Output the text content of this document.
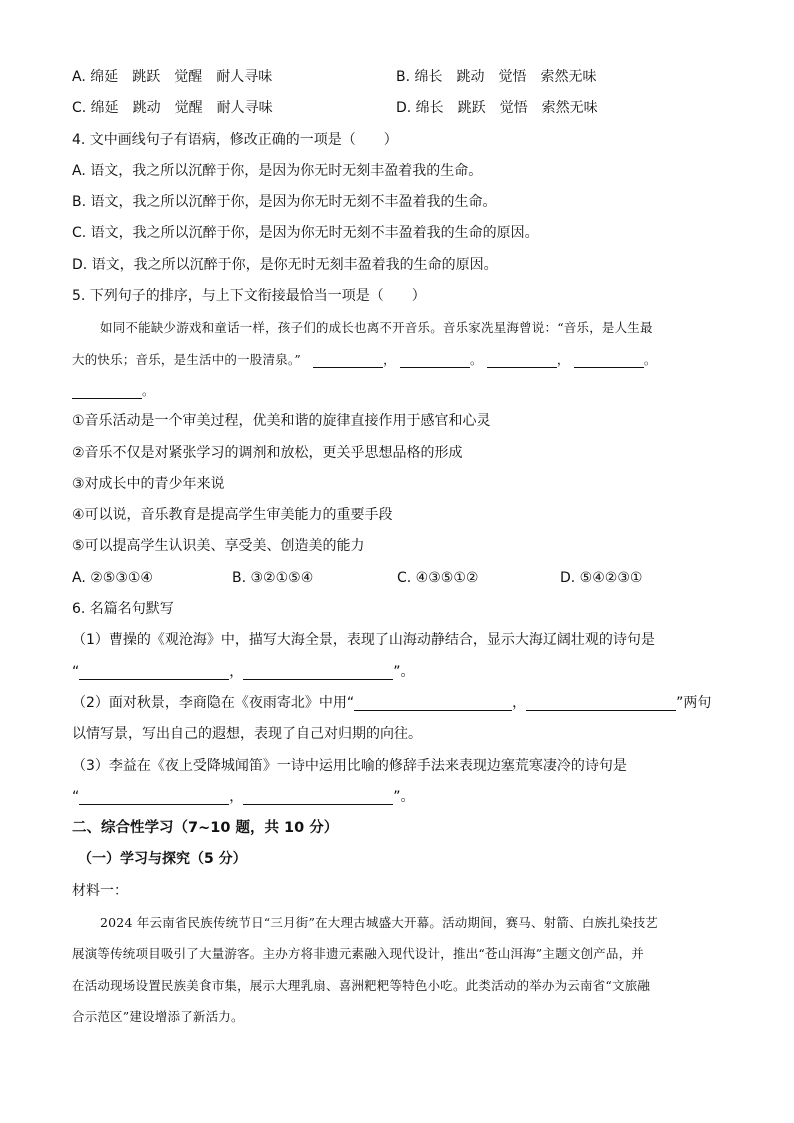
A. 绵延　跳跃　觉醒　耐人寻味	B. 绵长　跳动　觉悟　索然无味
C. 绵延　跳动　觉醒　耐人寻味	D. 绵长　跳跃　觉悟　索然无味
4. 文中画线句子有语病，修改正确的一项是（　　）
A. 语文，我之所以沉醉于你，是因为你无时无刻丰盈着我的生命。
B. 语文，我之所以沉醉于你，是因为你无时无刻不丰盈着我的生命。
C. 语文，我之所以沉醉于你，是因为你无时无刻不丰盈着我的生命的原因。
D. 语文，我之所以沉醉于你，是你无时无刻丰盈着我的生命的原因。
5. 下列句子的排序，与上下文衔接最恰当一项是（　　）
如同不能缺少游戏和童话一样，孩子们的成长也离不开音乐。音乐家冼星海曾说：“音乐，是人生最
大的快乐；音乐，是生活中的一股清泉。”	，	。	，	。
。
①音乐活动是一个审美过程，优美和谐的旋律直接作用于感官和心灵
②音乐不仅是对紧张学习的调剂和放松，更关乎思想品格的形成
③对成长中的青少年来说
④可以说，音乐教育是提高学生审美能力的重要手段
⑤可以提高学生认识美、享受美、创造美的能力
A. ②⑤③①④	B. ③②①⑤④	C. ④③⑤①②	D. ⑤④②③①
6. 名篇名句默写
（1）曹操的《观沧海》中，描写大海全景，表现了山海动静结合，显示大海辽阔壮观的诗句是
“	，	”。
（2）面对秋景，李商隐在《夜雨寄北》中用“	，	”两句
以情写景，写出自己的遐想，表现了自己对归期的向往。
（3）李益在《夜上受降城闻笛》一诗中运用比喻的修辞手法来表现边塞荒寒凄冷的诗句是
“	，	”。
二、综合性学习（7~10 题，共 10 分）
（一）学习与探究（5 分）
材料一：
2024 年云南省民族传统节日“三月街”在大理古城盛大开幕。活动期间，赛马、射箭、白族扎染技艺
展演等传统项目吸引了大量游客。主办方将非遗元素融入现代设计，推出“苍山洱海”主题文创产品，并
在活动现场设置民族美食市集，展示大理乳扇、喜洲粑粑等特色小吃。此类活动的举办为云南省“文旅融
合示范区”建设增添了新活力。
